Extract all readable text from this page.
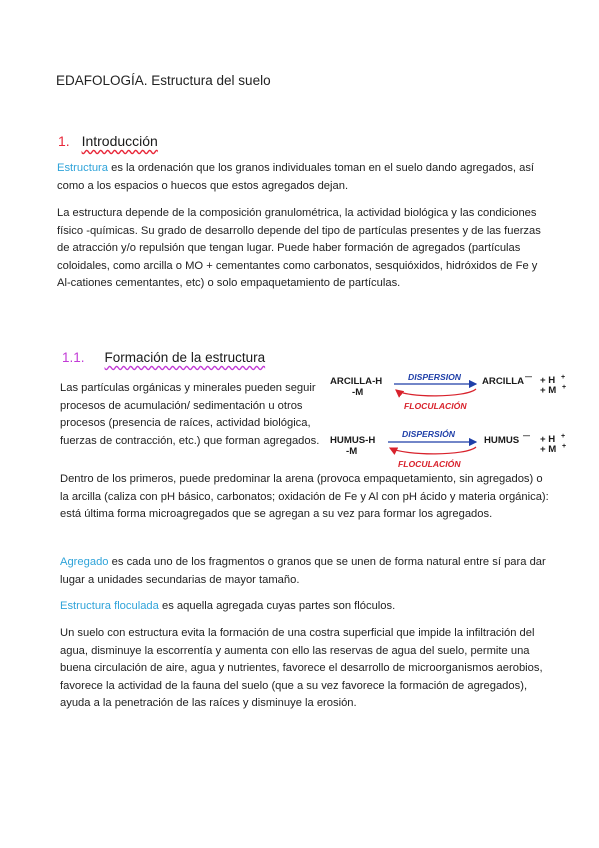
EDAFOLOGÍA. Estructura del suelo
1. Introducción
Estructura es la ordenación que los granos individuales toman en el suelo dando agregados, así como a los espacios o huecos que estos agregados dejan.
La estructura depende de la composición granulométrica, la actividad biológica y las condiciones físico -químicas. Su grado de desarrollo depende del tipo de partículas presentes y de las fuerzas de atracción y/o repulsión que tengan lugar. Puede haber formación de agregados (partículas coloidales, como arcilla o MO + cementantes como carbonatos, sesquióxidos, hidróxidos de Fe y Al-cationes cementantes, etc) o solo empaquetamiento de partículas.
1.1. Formación de la estructura
Las partículas orgánicas y minerales pueden seguir procesos de acumulación/ sedimentación u otros procesos (presencia de raíces, actividad biológica, fuerzas de contracción, etc.) que forman agregados.
Dentro de los primeros, puede predominar la arena (provoca empaquetamiento, sin agregados) o la arcilla (caliza con pH básico, carbonatos; oxidación de Fe y Al con pH ácido y materia orgánica): está última forma microagregados que se agregan a su vez para formar los agregados.
Agregado es cada uno de los fragmentos o granos que se unen de forma natural entre sí para dar lugar a unidades secundarias de mayor tamaño.
Estructura floculada es aquella agregada cuyas partes son flóculos.
Un suelo con estructura evita la formación de una costra superficial que impide la infiltración del agua, disminuye la escorrentía y aumenta con ello las reservas de agua del suelo, permite una buena circulación de aire, agua y nutrientes, favorece el desarrollo de microorganismos aerobios, favorece la actividad de la fauna del suelo (que a su vez favorece la formación de agregados), ayuda a la penetración de las raíces y disminuye la erosión.
ARCILLA-H
-M
DISPERSION
FLOCULACIÓN
ARCILLA — + H +
+ M +
HUMUS-H
-M
DISPERSIÓN
FLOCULACIÓN
HUMUS — + H +
+ M +
